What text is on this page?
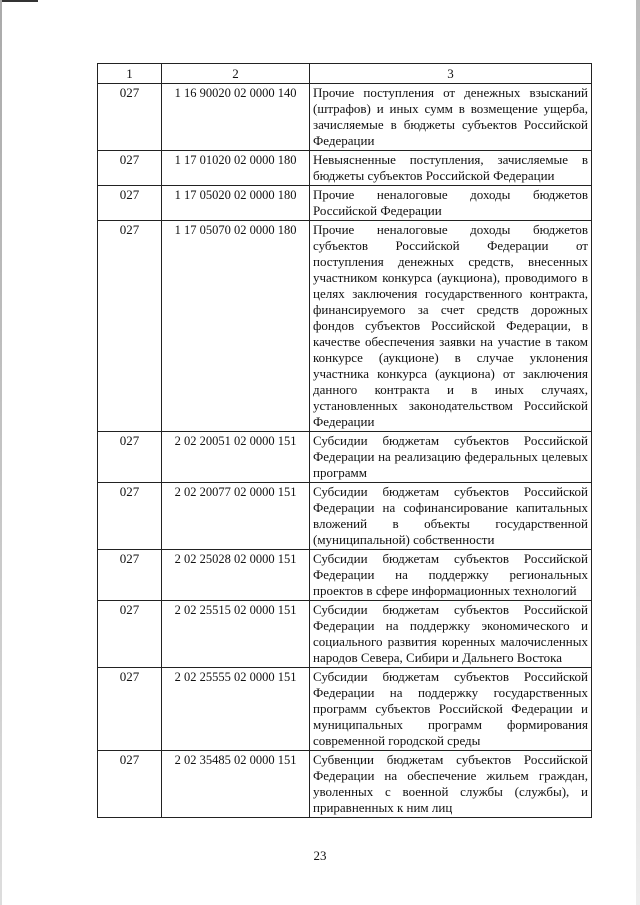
1	2	3
027	1 16 90020 02 0000 140	Прочие поступления от денежных взысканий (штрафов) и иных сумм в возмещение ущерба, зачисляемые в бюджеты субъектов Российской Федерации
027	1 17 01020 02 0000 180	Невыясненные поступления, зачисляемые в бюджеты субъектов Российской Федерации
027	1 17 05020 02 0000 180	Прочие неналоговые доходы бюджетов Российской Федерации
027	1 17 05070 02 0000 180	Прочие неналоговые доходы бюджетов субъектов Российской Федерации от поступления денежных средств, внесенных участником конкурса (аукциона), проводимого в целях заключения государственного контракта, финансируемого за счет средств дорожных фондов субъектов Российской Федерации, в качестве обеспечения заявки на участие в таком конкурсе (аукционе) в случае уклонения участника конкурса (аукциона) от заключения данного контракта и в иных случаях, установленных законодательством Российской Федерации
027	2 02 20051 02 0000 151	Субсидии бюджетам субъектов Российской Федерации на реализацию федеральных целевых программ
027	2 02 20077 02 0000 151	Субсидии бюджетам субъектов Российской Федерации на софинансирование капитальных вложений в объекты государственной (муниципальной) собственности
027	2 02 25028 02 0000 151	Субсидии бюджетам субъектов Российской Федерации на поддержку региональных проектов в сфере информационных технологий
027	2 02 25515 02 0000 151	Субсидии бюджетам субъектов Российской Федерации на поддержку экономического и социального развития коренных малочисленных народов Севера, Сибири и Дальнего Востока
027	2 02 25555 02 0000 151	Субсидии бюджетам субъектов Российской Федерации на поддержку государственных программ субъектов Российской Федерации и муниципальных программ формирования современной городской среды
027	2 02 35485 02 0000 151	Субвенции бюджетам субъектов Российской Федерации на обеспечение жильем граждан, уволенных с военной службы (службы), и приравненных к ним лиц
23
